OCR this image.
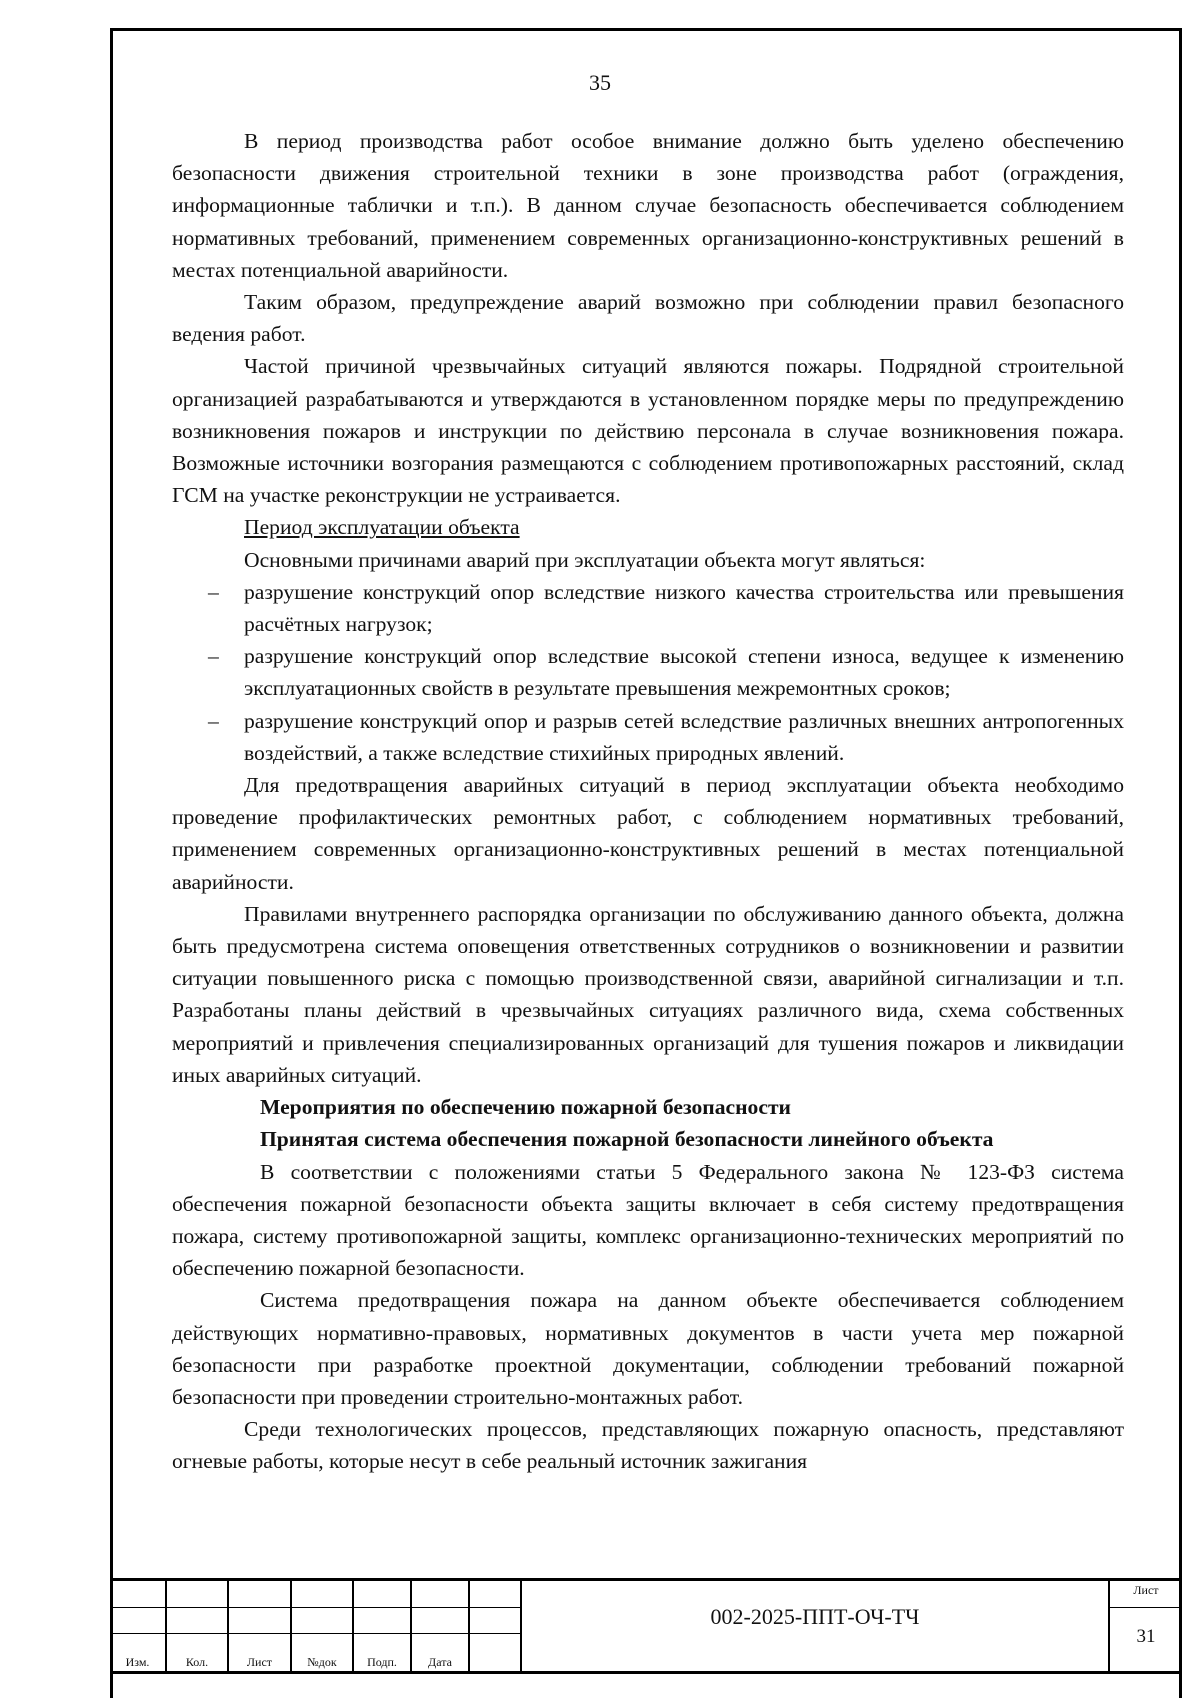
35

В период производства работ особое внимание должно быть уделено обеспечению безопасности движения строительной техники в зоне производства работ (ограждения, информационные таблички и т.п.). В данном случае безопасность обеспечивается соблюдением нормативных требований, применением современных организационно-конструктивных решений в местах потенциальной аварийности.

Таким образом, предупреждение аварий возможно при соблюдении правил безопасного ведения работ.

Частой причиной чрезвычайных ситуаций являются пожары. Подрядной строительной организацией разрабатываются и утверждаются в установленном порядке меры по предупреждению возникновения пожаров и инструкции по действию персонала в случае возникновения пожара. Возможные источники возгорания размещаются с соблюдением противопожарных расстояний, склад ГСМ на участке реконструкции не устраивается.

Период эксплуатации объекта

Основными причинами аварий при эксплуатации объекта могут являться:

– разрушение конструкций опор вследствие низкого качества строительства или превышения расчётных нагрузок;
– разрушение конструкций опор вследствие высокой степени износа, ведущее к изменению эксплуатационных свойств в результате превышения межремонтных сроков;
– разрушение конструкций опор и разрыв сетей вследствие различных внешних антропогенных воздействий, а также вследствие стихийных природных явлений.

Для предотвращения аварийных ситуаций в период эксплуатации объекта необходимо проведение профилактических ремонтных работ, с соблюдением нормативных требований, применением современных организационно-конструктивных решений в местах потенциальной аварийности.

Правилами внутреннего распорядка организации по обслуживанию данного объекта, должна быть предусмотрена система оповещения ответственных сотрудников о возникновении и развитии ситуации повышенного риска с помощью производственной связи, аварийной сигнализации и т.п. Разработаны планы действий в чрезвычайных ситуациях различного вида, схема собственных мероприятий и привлечения специализированных организаций для тушения пожаров и ликвидации иных аварийных ситуаций.

Мероприятия по обеспечению пожарной безопасности
Принятая система обеспечения пожарной безопасности линейного объекта

В соответствии с положениями статьи 5 Федерального закона № 123-ФЗ система обеспечения пожарной безопасности объекта защиты включает в себя систему предотвращения пожара, систему противопожарной защиты, комплекс организационно-технических мероприятий по обеспечению пожарной безопасности.

Система предотвращения пожара на данном объекте обеспечивается соблюдением действующих нормативно-правовых, нормативных документов в части учета мер пожарной безопасности при разработке проектной документации, соблюдении требований пожарной безопасности при проведении строительно-монтажных работ.

Среди технологических процессов, представляющих пожарную опасность, представляют огневые работы, которые несут в себе реальный источник зажигания

Изм.	Кол.	Лист	№док	Подп.	Дата
002-2025-ППТ-ОЧ-ТЧ
Лист
31
